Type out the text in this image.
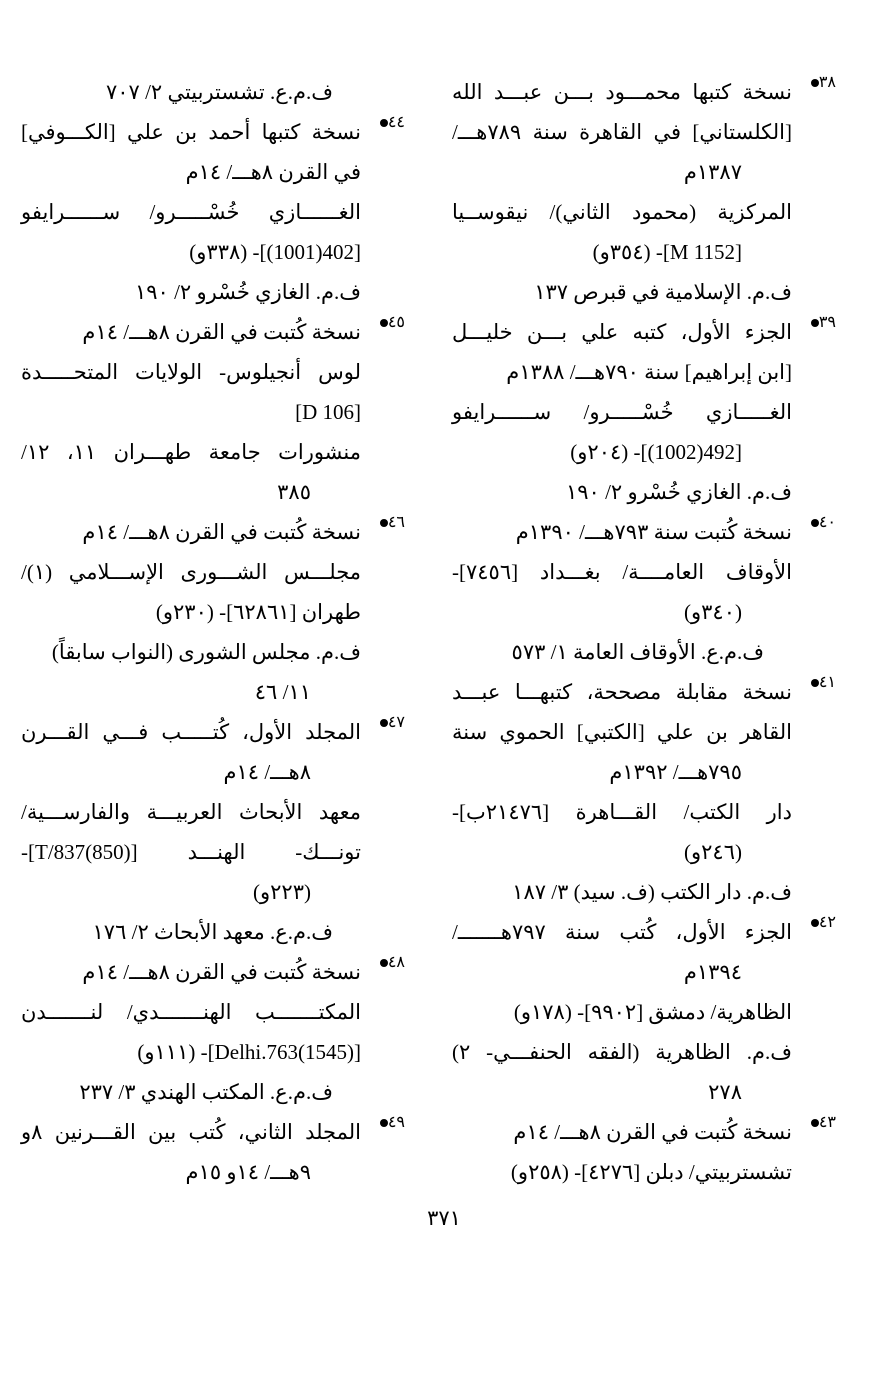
٣٨
نسخة كتبها محمـــود بـــن عبـــد الله
[الكلستاني] في القاهرة سنة ٧٨٩هـــ/
١٣٨٧م
المركزية (محمود الثاني)/ نيقوســيا
[M 1152]- (٣٥٤و)
ف.م. الإسلامية في قبرص ١٣٧
٣٩
الجزء الأول، كتبه علي بـــن خليـــل
[ابن إبراهيم] سنة ٧٩٠هـــ/ ١٣٨٨م
الغـــــازي خُسْـــــرو/ ســــــرايفو
[492(1002)]- (٢٠٤و)
ف.م. الغازي خُسْرو ٢/ ١٩٠
٤٠
نسخة كُتبت سنة ٧٩٣هـــ/ ١٣٩٠م
الأوقاف العامــــة/ بغـــداد [٧٤٥٦]-
(٣٤٠و)
ف.م.ع. الأوقاف العامة ١/ ٥٧٣
٤١
نسخة مقابلة مصححة، كتبهـــا عبـــد
القاهر بن علي [الكتبي] الحموي سنة
٧٩٥هـــ/ ١٣٩٢م
دار الكتب/ القـــاهرة [٢١٤٧٦ب]-
(٢٤٦و)
ف.م. دار الكتب (ف. سيد) ٣/ ١٨٧
٤٢
الجزء الأول، كُتب سنة ٧٩٧هـــــــ/
١٣٩٤م
الظاهرية/ دمشق [٩٩٠٢]- (١٧٨و)
ف.م. الظاهرية (الفقه الحنفـــي- ٢)
٢٧٨
٤٣
نسخة كُتبت في القرن ٨هـــ/ ١٤م
تشستربيتي/ دبلن [٤٢٧٦]- (٢٥٨و)
ف.م.ع. تشستربيتي ٢/ ٧٠٧
٤٤
نسخة كتبها أحمد بن علي [الكـــوفي]
في القرن ٨هـــ/ ١٤م
الغــــــازي خُسْـــــرو/ ســــــرايفو
[402(1001)]- (٣٣٨و)
ف.م. الغازي خُسْرو ٢/ ١٩٠
٤٥
نسخة كُتبت في القرن ٨هـــ/ ١٤م
لوس أنجيلوس- الولايات المتحـــــدة
[D 106]
منشورات جامعة طهـــران ١١، ١٢/
٣٨٥
٤٦
نسخة كُتبت في القرن ٨هـــ/ ١٤م
مجلـــس الشـــورى الإســـلامي (١)/
طهران [٦٢٨٦١]- (٢٣٠و)
ف.م. مجلس الشورى (النواب سابقاً)
١١/ ٤٦
٤٧
المجلد الأول، كُتـــــب فـــي القـــرن
٨هـــ/ ١٤م
معهد الأبحاث العربيـــة والفارســـية/
تونـــك- الهنـــد [T/837(850)]-
(٢٢٣و)
ف.م.ع. معهد الأبحاث ٢/ ١٧٦
٤٨
نسخة كُتبت في القرن ٨هـــ/ ١٤م
المكتـــــــب الهنـــــــدي/ لنـــــــدن
[Delhi.763(1545)]- (١١١و)
ف.م.ع. المكتب الهندي ٣/ ٢٣٧
٤٩
المجلد الثاني، كُتب بين القـــرنين ٨و
٩هـــ/ ١٤و ١٥م
٣٧١
